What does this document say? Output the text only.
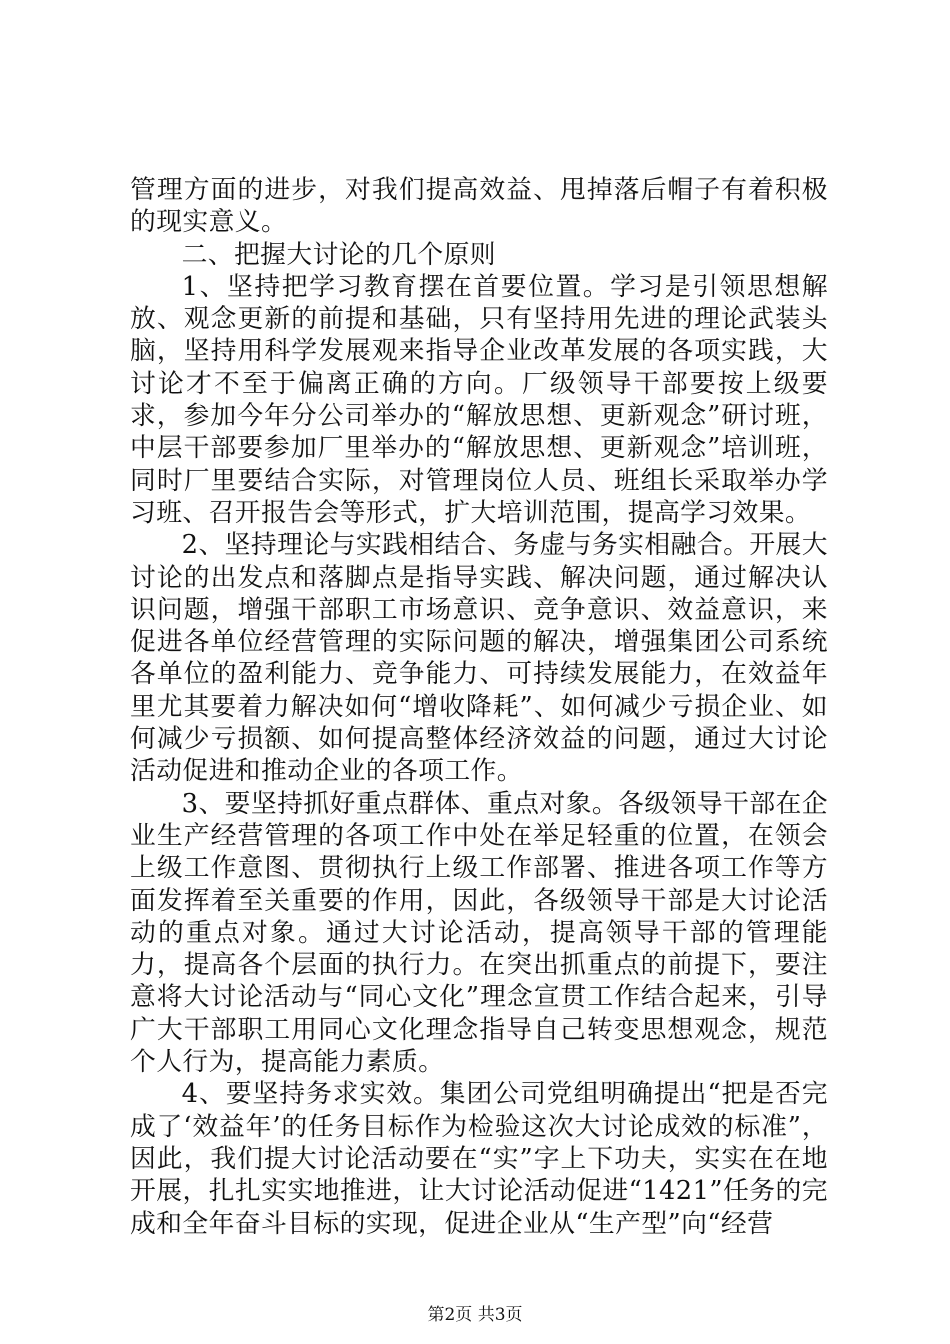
管理方面的进步，对我们提高效益、甩掉落后帽子有着积极的现实意义。

二、把握大讨论的几个原则

1、坚持把学习教育摆在首要位置。学习是引领思想解放、观念更新的前提和基础，只有坚持用先进的理论武装头脑，坚持用科学发展观来指导企业改革发展的各项实践，大讨论才不至于偏离正确的方向。厂级领导干部要按上级要求，参加今年分公司举办的“解放思想、更新观念”研讨班，中层干部要参加厂里举办的“解放思想、更新观念”培训班，同时厂里要结合实际，对管理岗位人员、班组长采取举办学习班、召开报告会等形式，扩大培训范围，提高学习效果。

2、坚持理论与实践相结合、务虚与务实相融合。开展大讨论的出发点和落脚点是指导实践、解决问题，通过解决认识问题，增强干部职工市场意识、竞争意识、效益意识，来促进各单位经营管理的实际问题的解决，增强集团公司系统各单位的盈利能力、竞争能力、可持续发展能力，在效益年里尤其要着力解决如何“增收降耗”、如何减少亏损企业、如何减少亏损额、如何提高整体经济效益的问题，通过大讨论活动促进和推动企业的各项工作。

3、要坚持抓好重点群体、重点对象。各级领导干部在企业生产经营管理的各项工作中处在举足轻重的位置，在领会上级工作意图、贯彻执行上级工作部署、推进各项工作等方面发挥着至关重要的作用，因此，各级领导干部是大讨论活动的重点对象。通过大讨论活动，提高领导干部的管理能力，提高各个层面的执行力。在突出抓重点的前提下，要注意将大讨论活动与“同心文化”理念宣贯工作结合起来，引导广大干部职工用同心文化理念指导自己转变思想观念，规范个人行为，提高能力素质。

4、要坚持务求实效。集团公司党组明确提出“把是否完成了‘效益年’的任务目标作为检验这次大讨论成效的标准”，因此，我们提大讨论活动要在“实”字上下功夫，实实在在地开展，扎扎实实地推进，让大讨论活动促进“1421”任务的完成和全年奋斗目标的实现，促进企业从“生产型”向“经营

第2页 共3页
